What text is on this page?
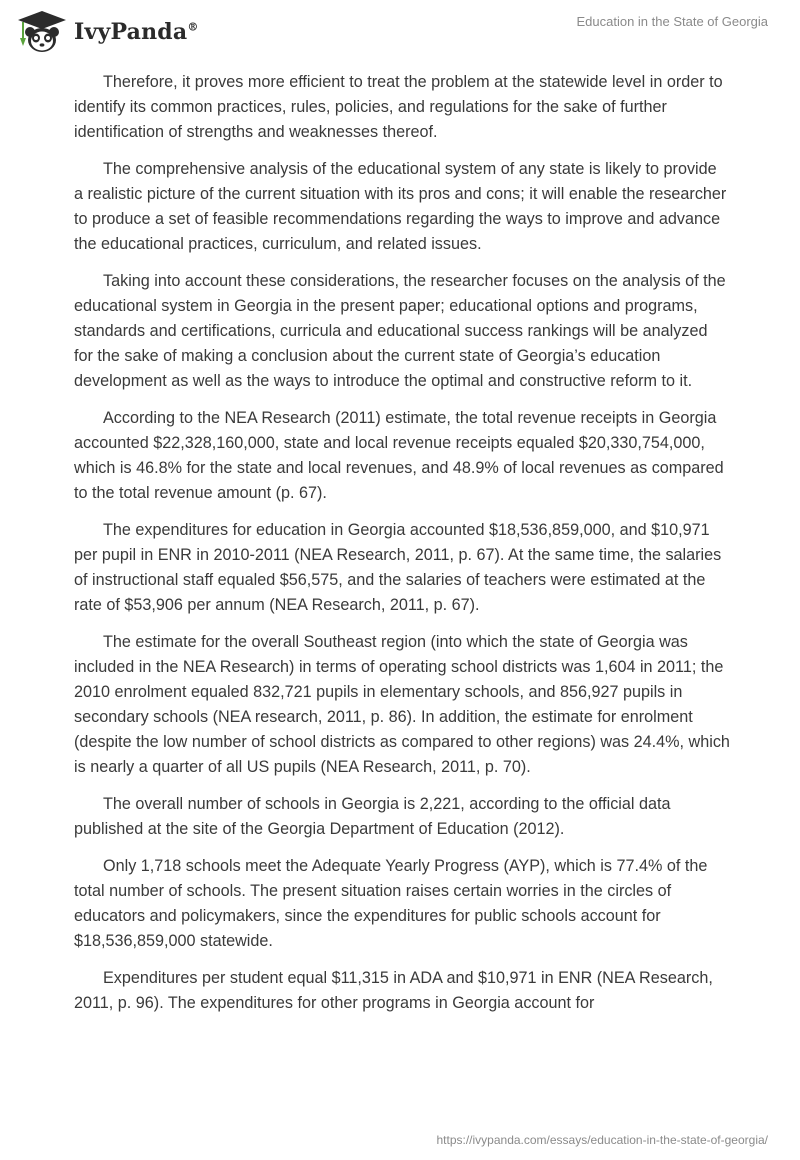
IvyPanda®	Education in the State of Georgia

Therefore, it proves more efficient to treat the problem at the statewide level in order to identify its common practices, rules, policies, and regulations for the sake of further identification of strengths and weaknesses thereof.

The comprehensive analysis of the educational system of any state is likely to provide a realistic picture of the current situation with its pros and cons; it will enable the researcher to produce a set of feasible recommendations regarding the ways to improve and advance the educational practices, curriculum, and related issues.

Taking into account these considerations, the researcher focuses on the analysis of the educational system in Georgia in the present paper; educational options and programs, standards and certifications, curricula and educational success rankings will be analyzed for the sake of making a conclusion about the current state of Georgia’s education development as well as the ways to introduce the optimal and constructive reform to it.

According to the NEA Research (2011) estimate, the total revenue receipts in Georgia accounted $22,328,160,000, state and local revenue receipts equaled $20,330,754,000, which is 46.8% for the state and local revenues, and 48.9% of local revenues as compared to the total revenue amount (p. 67).

The expenditures for education in Georgia accounted $18,536,859,000, and $10,971 per pupil in ENR in 2010-2011 (NEA Research, 2011, p. 67). At the same time, the salaries of instructional staff equaled $56,575, and the salaries of teachers were estimated at the rate of $53,906 per annum (NEA Research, 2011, p. 67).

The estimate for the overall Southeast region (into which the state of Georgia was included in the NEA Research) in terms of operating school districts was 1,604 in 2011; the 2010 enrolment equaled 832,721 pupils in elementary schools, and 856,927 pupils in secondary schools (NEA research, 2011, p. 86). In addition, the estimate for enrolment (despite the low number of school districts as compared to other regions) was 24.4%, which is nearly a quarter of all US pupils (NEA Research, 2011, p. 70).

The overall number of schools in Georgia is 2,221, according to the official data published at the site of the Georgia Department of Education (2012).

Only 1,718 schools meet the Adequate Yearly Progress (AYP), which is 77.4% of the total number of schools. The present situation raises certain worries in the circles of educators and policymakers, since the expenditures for public schools account for $18,536,859,000 statewide.

Expenditures per student equal $11,315 in ADA and $10,971 in ENR (NEA Research, 2011, p. 96). The expenditures for other programs in Georgia account for

https://ivypanda.com/essays/education-in-the-state-of-georgia/
